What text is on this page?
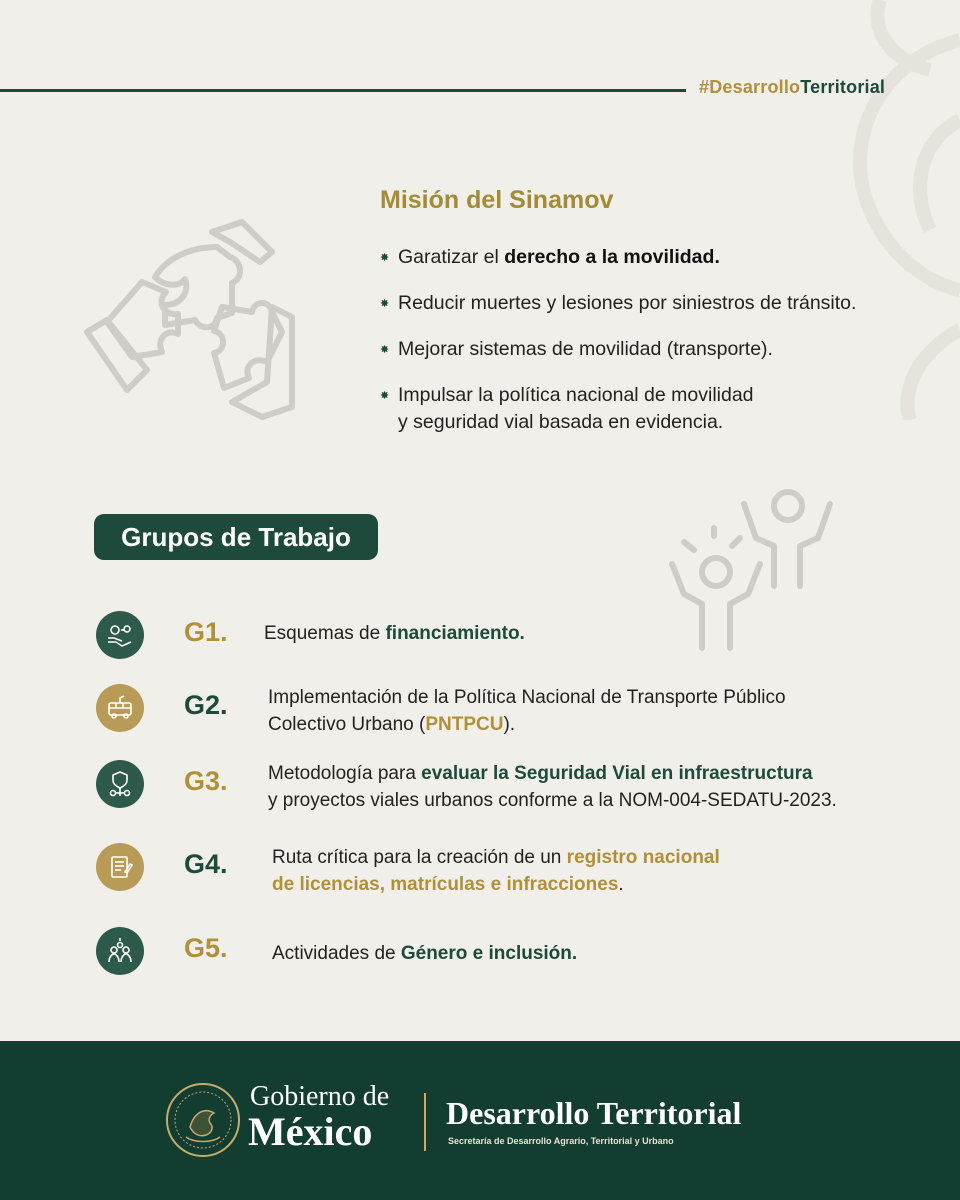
#DesarrolloTerritorial
Misión del Sinamov
✸ Garatizar el derecho a la movilidad.
✸ Reducir muertes y lesiones por siniestros de tránsito.
✸ Mejorar sistemas de movilidad (transporte).
✸ Impulsar la política nacional de movilidad
y seguridad vial basada en evidencia.
Grupos de Trabajo
G1. Esquemas de financiamiento.
G2. Implementación de la Política Nacional de Transporte Público
Colectivo Urbano (PNTPCU).
G3. Metodología para evaluar la Seguridad Vial en infraestructura
y proyectos viales urbanos conforme a la NOM-004-SEDATU-2023.
G4. Ruta crítica para la creación de un registro nacional
de licencias, matrículas e infracciones.
G5. Actividades de Género e inclusión.
Gobierno de
México Desarrollo Territorial
Secretaría de Desarrollo Agrario, Territorial y Urbano
